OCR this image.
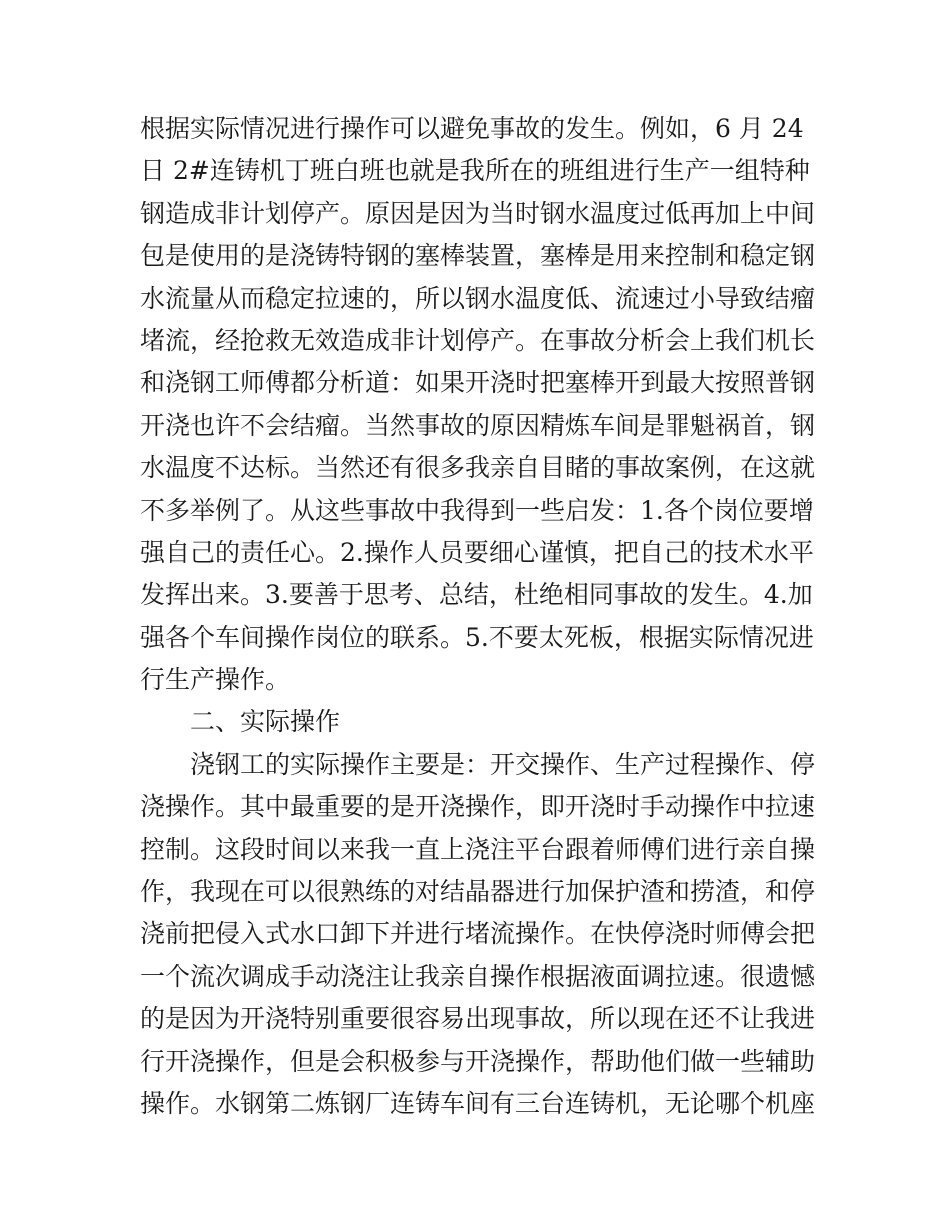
根据实际情况进行操作可以避免事故的发生。例如，6 月 24
日 2#连铸机丁班白班也就是我所在的班组进行生产一组特种
钢造成非计划停产。原因是因为当时钢水温度过低再加上中间
包是使用的是浇铸特钢的塞棒装置，塞棒是用来控制和稳定钢
水流量从而稳定拉速的，所以钢水温度低、流速过小导致结瘤
堵流，经抢救无效造成非计划停产。在事故分析会上我们机长
和浇钢工师傅都分析道：如果开浇时把塞棒开到最大按照普钢
开浇也许不会结瘤。当然事故的原因精炼车间是罪魁祸首，钢
水温度不达标。当然还有很多我亲自目睹的事故案例，在这就
不多举例了。从这些事故中我得到一些启发：1.各个岗位要增
强自己的责任心。2.操作人员要细心谨慎，把自己的技术水平
发挥出来。3.要善于思考、总结，杜绝相同事故的发生。4.加
强各个车间操作岗位的联系。5.不要太死板，根据实际情况进
行生产操作。
二、实际操作
浇钢工的实际操作主要是：开交操作、生产过程操作、停
浇操作。其中最重要的是开浇操作，即开浇时手动操作中拉速
控制。这段时间以来我一直上浇注平台跟着师傅们进行亲自操
作，我现在可以很熟练的对结晶器进行加保护渣和捞渣，和停
浇前把侵入式水口卸下并进行堵流操作。在快停浇时师傅会把
一个流次调成手动浇注让我亲自操作根据液面调拉速。很遗憾
的是因为开浇特别重要很容易出现事故，所以现在还不让我进
行开浇操作，但是会积极参与开浇操作，帮助他们做一些辅助
操作。水钢第二炼钢厂连铸车间有三台连铸机，无论哪个机座
